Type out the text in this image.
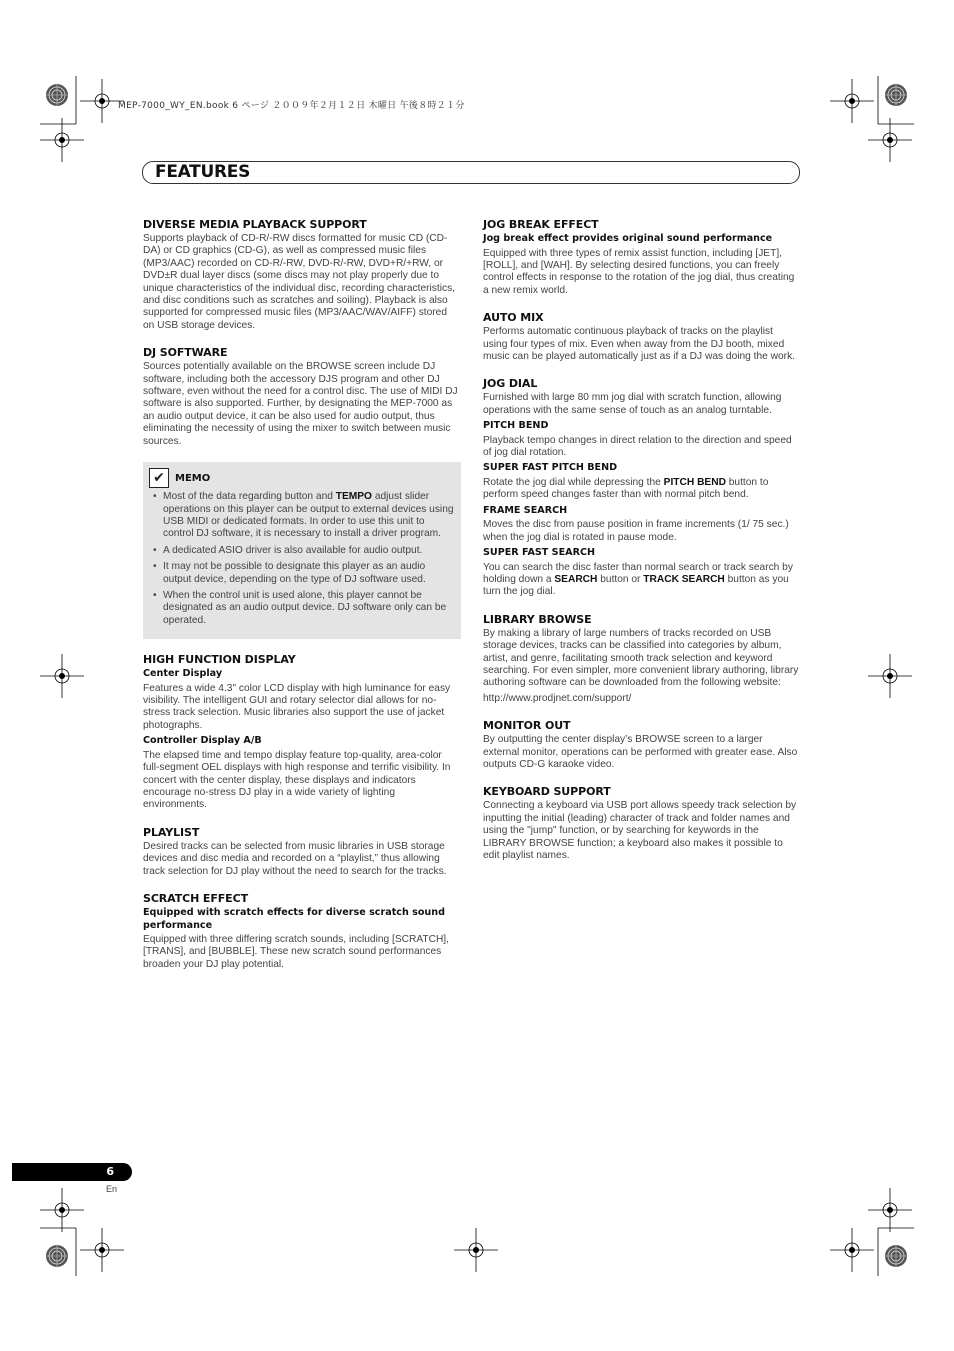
MEP-7000_WY_EN.book 6 ページ ２００９年２月１２日 木曜日 午後８時２１分
FEATURES
DIVERSE MEDIA PLAYBACK SUPPORT

Supports playback of CD-R/-RW discs formatted for music CD (CD-DA) or CD graphics (CD-G), as well as compressed music files (MP3/AAC) recorded on CD-R/-RW, DVD-R/-RW, DVD+R/+RW, or DVD±R dual layer discs (some discs may not play properly due to unique characteristics of the individual disc, recording characteristics, and disc conditions such as scratches and soiling). Playback is also supported for compressed music files (MP3/AAC/WAV/AIFF) stored on USB storage devices.

DJ SOFTWARE

Sources potentially available on the BROWSE screen include DJ software, including both the accessory DJS program and other DJ software, even without the need for a control disc. The use of MIDI DJ software is also supported. Further, by designating the MEP-7000 as an audio output device, it can be also used for audio output, thus eliminating the necessity of using the mixer to switch between music sources.

✔	MEMO
• Most of the data regarding button and TEMPO adjust slider operations on this player can be output to external devices using USB MIDI or dedicated formats. In order to use this unit to control DJ software, it is necessary to install a driver program.
• A dedicated ASIO driver is also available for audio output.
• It may not be possible to designate this player as an audio output device, depending on the type of DJ software used.
• When the control unit is used alone, this player cannot be designated as an audio output device. DJ software only can be operated.
HIGH FUNCTION DISPLAY
Center Display

Features a wide 4.3" color LCD display with high luminance for easy visibility. The intelligent GUI and rotary selector dial allows for no-stress track selection. Music libraries also support the use of jacket photographs.

Controller Display A/B

The elapsed time and tempo display feature top-quality, area-color full-segment OEL displays with high response and terrific visibility. In concert with the center display, these displays and indicators encourage no-stress DJ play in a wide variety of lighting environments.

PLAYLIST

Desired tracks can be selected from music libraries in USB storage devices and disc media and recorded on a “playlist,” thus allowing track selection for DJ play without the need to search for the tracks.

SCRATCH EFFECT
Equipped with scratch effects for diverse scratch sound performance

Equipped with three differing scratch sounds, including [SCRATCH], [TRANS], and [BUBBLE]. These new scratch sound performances broaden your DJ play potential.

JOG BREAK EFFECT
Jog break effect provides original sound performance

Equipped with three types of remix assist function, including [JET], [ROLL], and [WAH]. By selecting desired functions, you can freely control effects in response to the rotation of the jog dial, thus creating a new remix world.

AUTO MIX

Performs automatic continuous playback of tracks on the playlist using four types of mix. Even when away from the DJ booth, mixed music can be played automatically just as if a DJ was doing the work.

JOG DIAL

Furnished with large 80 mm jog dial with scratch function, allowing operations with the same sense of touch as an analog turntable.

PITCH BEND

Playback tempo changes in direct relation to the direction and speed of jog dial rotation.

SUPER FAST PITCH BEND

Rotate the jog dial while depressing the PITCH BEND button to perform speed changes faster than with normal pitch bend.

FRAME SEARCH

Moves the disc from pause position in frame increments (1/ 75 sec.) when the jog dial is rotated in pause mode.

SUPER FAST SEARCH

You can search the disc faster than normal search or track search by holding down a SEARCH button or TRACK SEARCH button as you turn the jog dial.

LIBRARY BROWSE

By making a library of large numbers of tracks recorded on USB storage devices, tracks can be classified into categories by album, artist, and genre, facilitating smooth track selection and keyword searching. For even simpler, more convenient library authoring, library authoring software can be downloaded from the following website:

http://www.prodjnet.com/support/

MONITOR OUT

By outputting the center display’s BROWSE screen to a larger external monitor, operations can be performed with greater ease. Also outputs CD-G karaoke video.

KEYBOARD SUPPORT

Connecting a keyboard via USB port allows speedy track selection by inputting the initial (leading) character of track and folder names and using the "jump" function, or by searching for keywords in the LIBRARY BROWSE function; a keyboard also makes it possible to edit playlist names.

6
En
